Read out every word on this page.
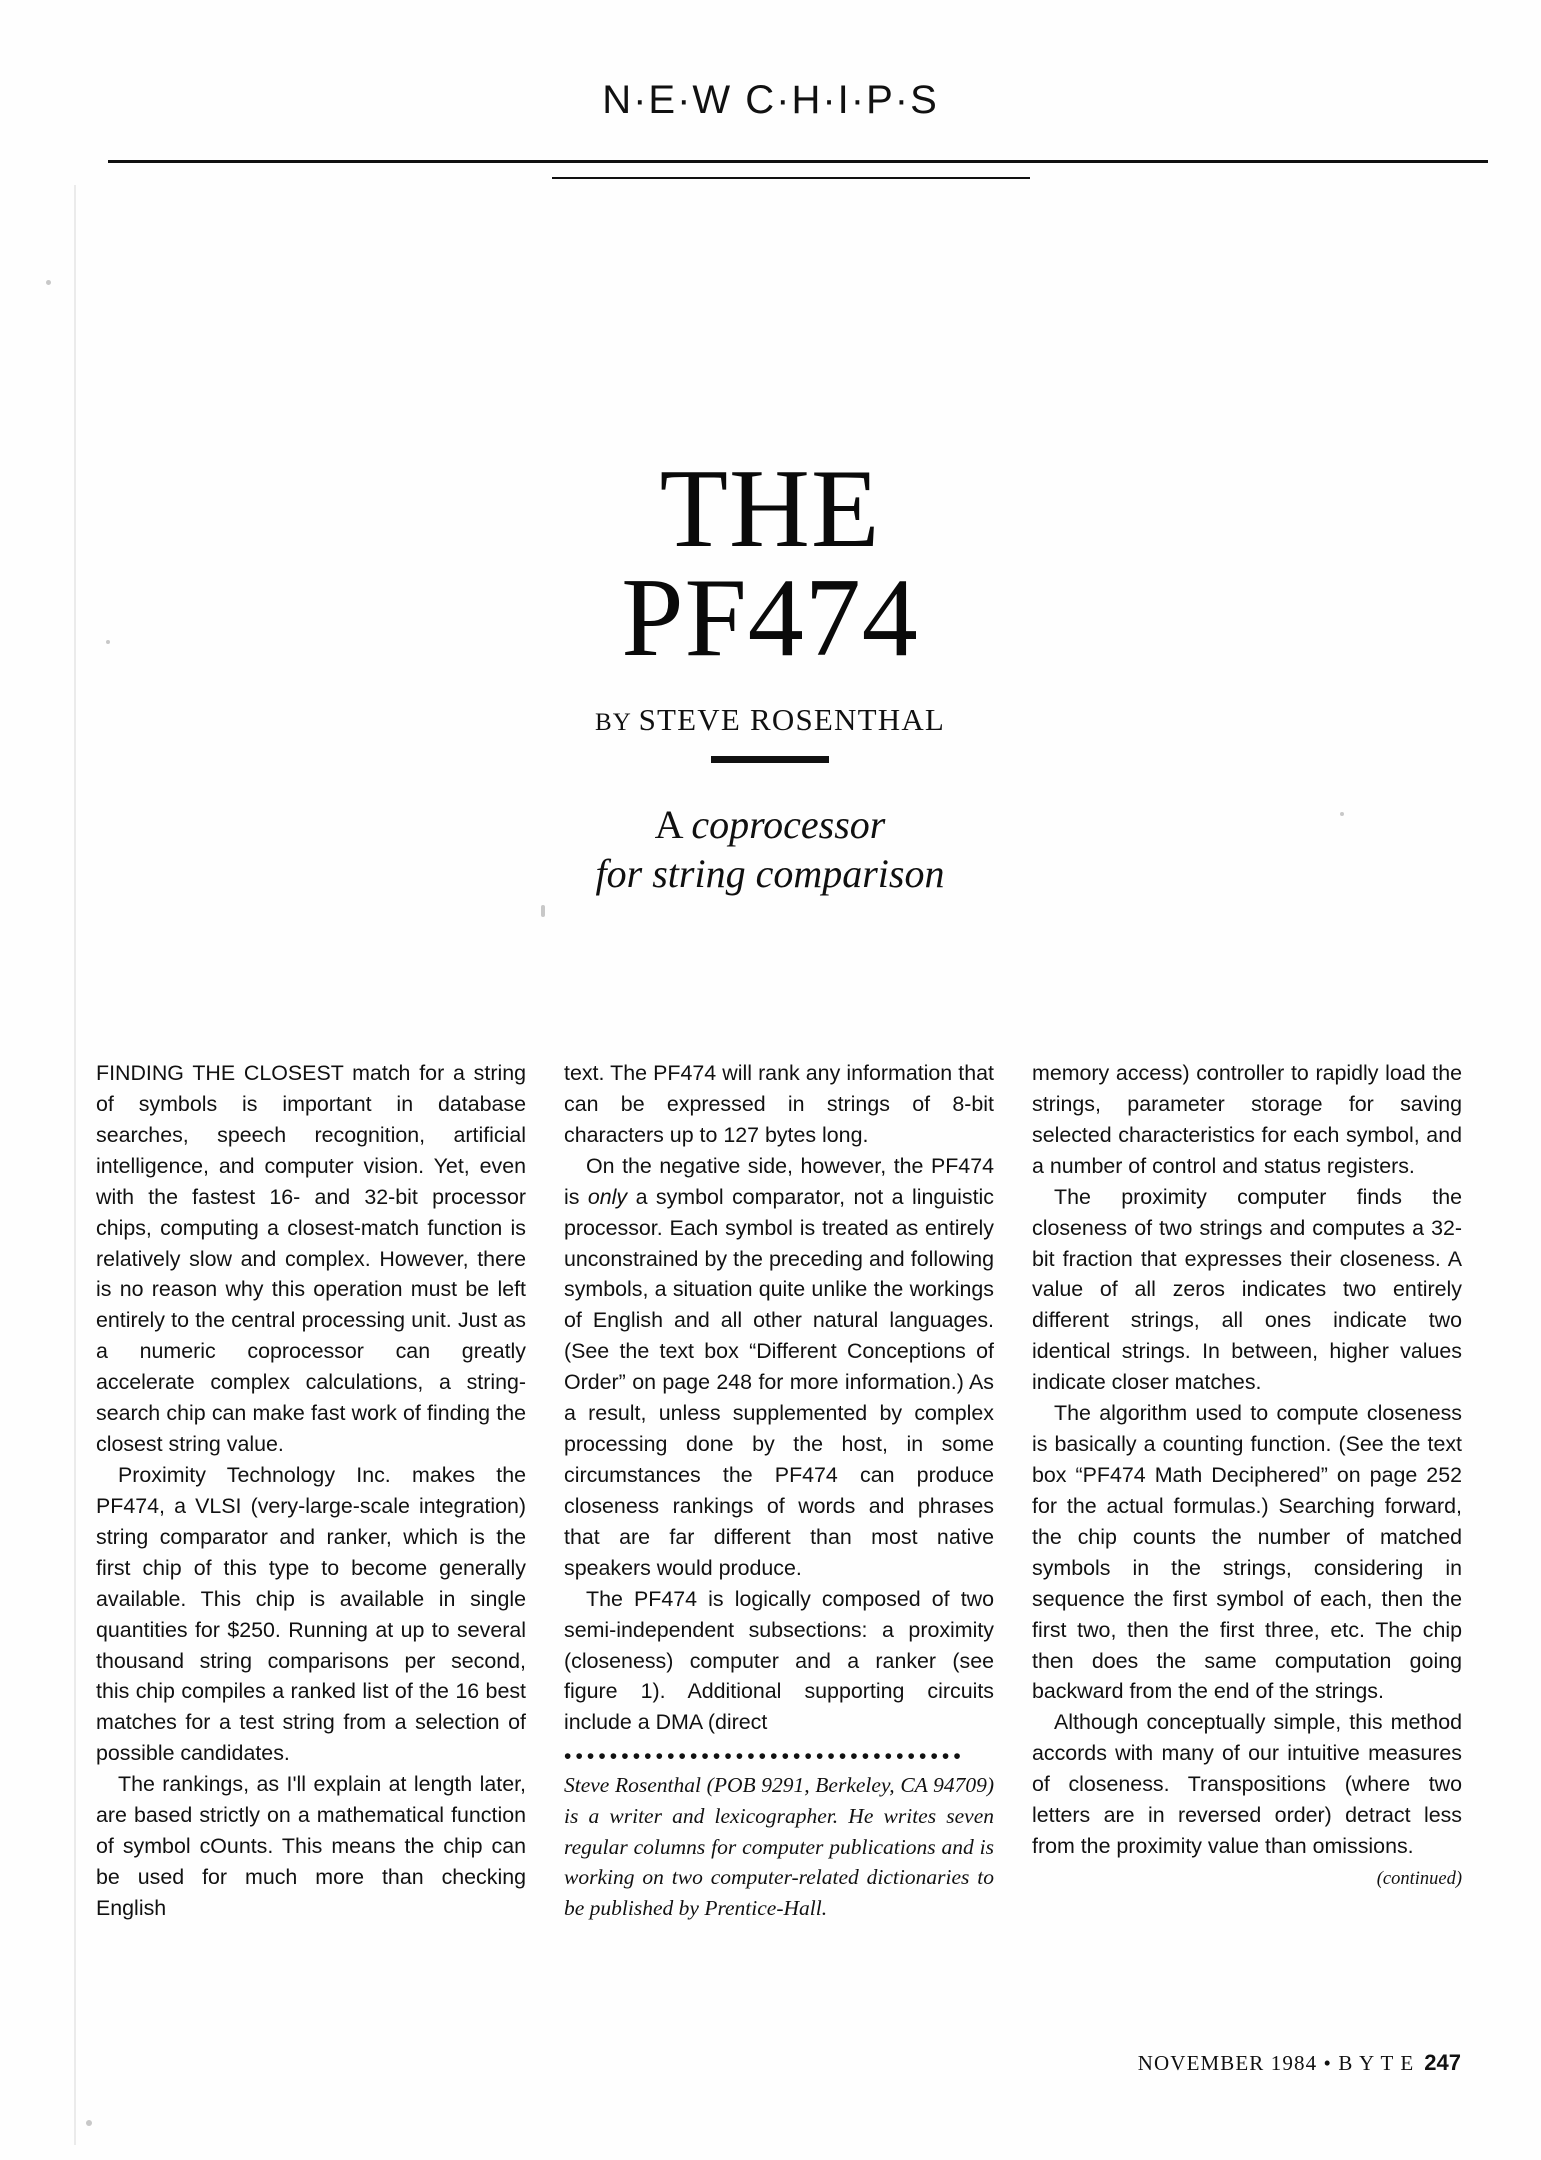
N·E·W C·H·I·P·S
THE
PF474
BY STEVE ROSENTHAL
A coprocessor
for string comparison

FINDING THE CLOSEST match for a string of symbols is important in database searches, speech recognition, artificial intelligence, and computer vision. Yet, even with the fastest 16- and 32-bit processor chips, computing a closest-match function is relatively slow and complex. However, there is no reason why this operation must be left entirely to the central processing unit. Just as a numeric coprocessor can greatly accelerate complex calculations, a string-search chip can make fast work of finding the closest string value.

Proximity Technology Inc. makes the PF474, a VLSI (very-large-scale integration) string comparator and ranker, which is the first chip of this type to become generally available. This chip is available in single quantities for $250. Running at up to several thousand string comparisons per second, this chip compiles a ranked list of the 16 best matches for a test string from a selection of possible candidates.

The rankings, as I'll explain at length later, are based strictly on a mathematical function of symbol cOunts. This means the chip can be used for much more than checking English

text. The PF474 will rank any information that can be expressed in strings of 8-bit characters up to 127 bytes long.

On the negative side, however, the PF474 is only a symbol comparator, not a linguistic processor. Each symbol is treated as entirely unconstrained by the preceding and following symbols, a situation quite unlike the workings of English and all other natural languages. (See the text box “Different Conceptions of Order” on page 248 for more information.) As a result, unless supplemented by complex processing done by the host, in some circumstances the PF474 can produce closeness rankings of words and phrases that are far different than most native speakers would produce.

The PF474 is logically composed of two semi-independent subsections: a proximity (closeness) computer and a ranker (see figure 1). Additional supporting circuits include a DMA (direct

•••••••••••••••••••••••••••••••••••
Steve Rosenthal (POB 9291, Berkeley, CA 94709) is a writer and lexicographer. He writes seven regular columns for computer publications and is working on two computer-related dictionaries to be published by Prentice-Hall.

memory access) controller to rapidly load the strings, parameter storage for saving selected characteristics for each symbol, and a number of control and status registers.

The proximity computer finds the closeness of two strings and computes a 32-bit fraction that expresses their closeness. A value of all zeros indicates two entirely different strings, all ones indicate two identical strings. In between, higher values indicate closer matches.

The algorithm used to compute closeness is basically a counting function. (See the text box “PF474 Math Deciphered” on page 252 for the actual formulas.) Searching forward, the chip counts the number of matched symbols in the strings, considering in sequence the first symbol of each, then the first two, then the first three, etc. The chip then does the same computation going backward from the end of the strings.

Although conceptually simple, this method accords with many of our intuitive measures of closeness. Transpositions (where two letters are in reversed order) detract less from the proximity value than omissions.

(continued)
NOVEMBER 1984 • B Y T E 247
